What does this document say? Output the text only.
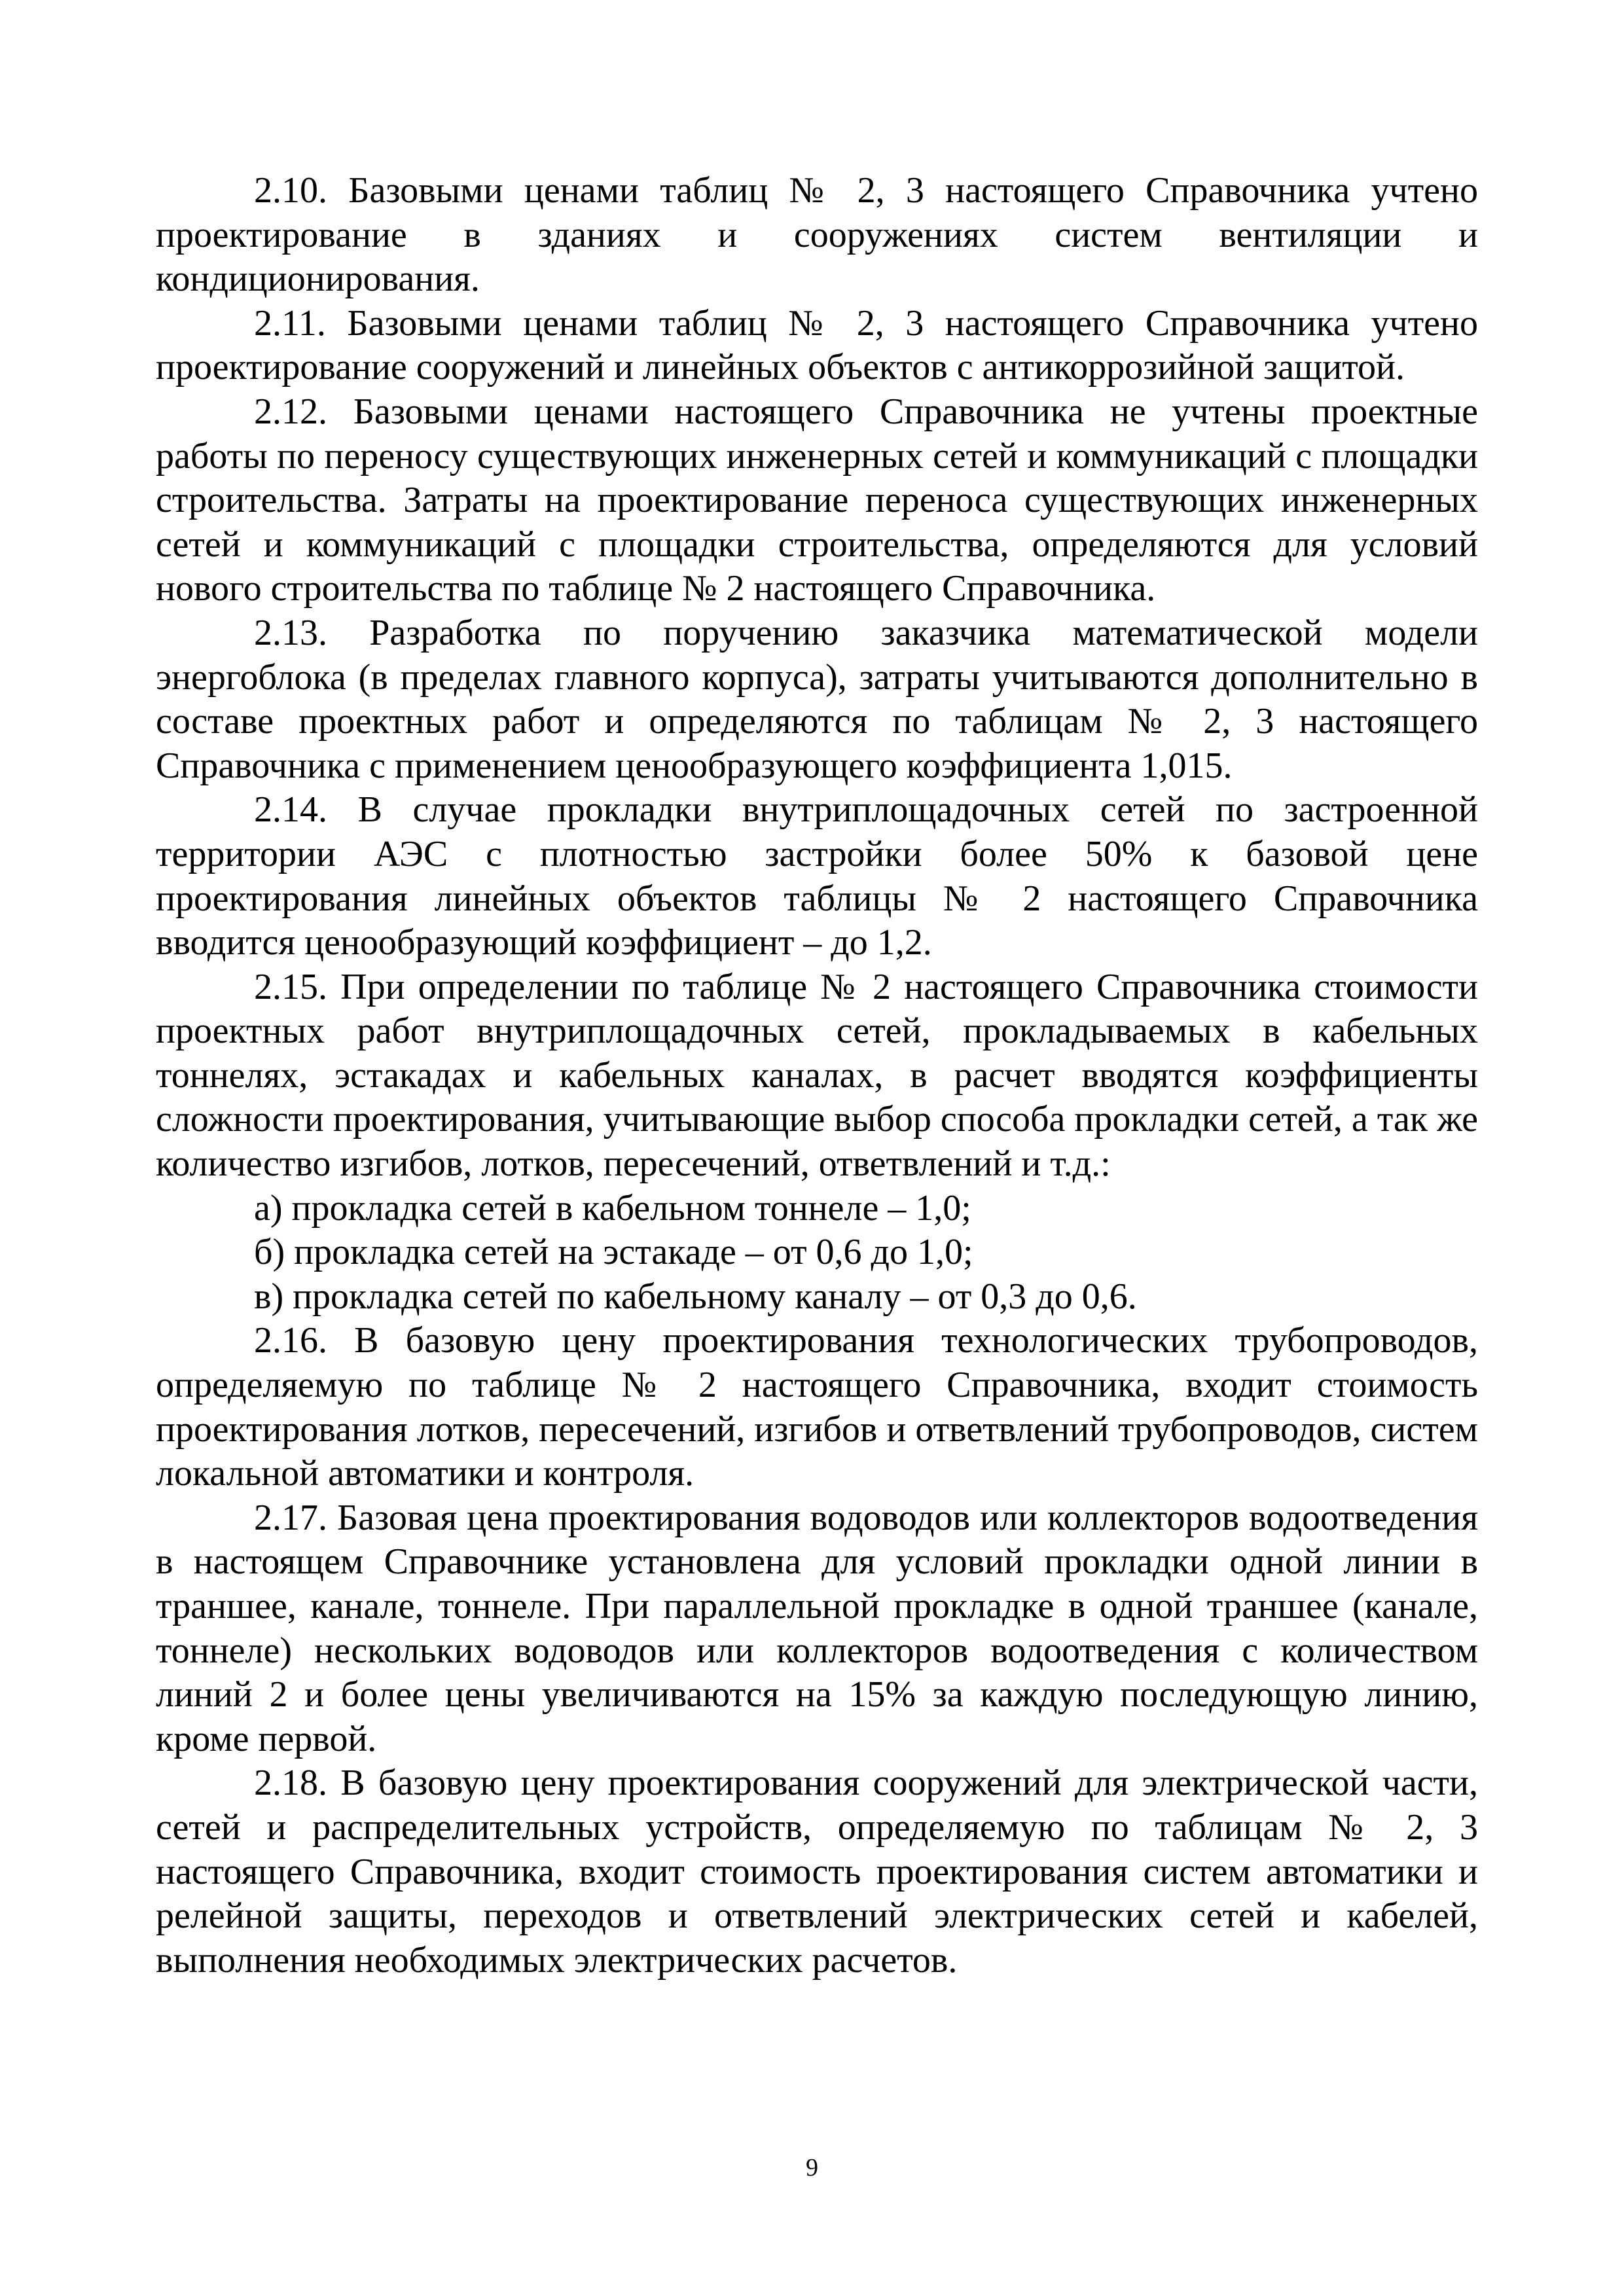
2.10. Базовыми ценами таблиц № 2, 3 настоящего Справочника учтено проектирование в зданиях и сооружениях систем вентиляции и кондиционирования.

2.11. Базовыми ценами таблиц № 2, 3 настоящего Справочника учтено проектирование сооружений и линейных объектов с антикоррозийной защитой.

2.12. Базовыми ценами настоящего Справочника не учтены проектные работы по переносу существующих инженерных сетей и коммуникаций с площадки строительства. Затраты на проектирование переноса существующих инженерных сетей и коммуникаций с площадки строительства, определяются для условий нового строительства по таблице № 2 настоящего Справочника.

2.13. Разработка по поручению заказчика математической модели энергоблока (в пределах главного корпуса), затраты учитываются дополнительно в составе проектных работ и определяются по таблицам № 2, 3 настоящего Справочника с применением ценообразующего коэффициента 1,015.

2.14. В случае прокладки внутриплощадочных сетей по застроенной территории АЭС с плотностью застройки более 50% к базовой цене проектирования линейных объектов таблицы № 2 настоящего Справочника вводится ценообразующий коэффициент – до 1,2.

2.15. При определении по таблице № 2 настоящего Справочника стоимости проектных работ внутриплощадочных сетей, прокладываемых в кабельных тоннелях, эстакадах и кабельных каналах, в расчет вводятся коэффициенты сложности проектирования, учитывающие выбор способа прокладки сетей, а так же количество изгибов, лотков, пересечений, ответвлений и т.д.:

а) прокладка сетей в кабельном тоннеле – 1,0;

б) прокладка сетей на эстакаде – от 0,6 до 1,0;

в) прокладка сетей по кабельному каналу – от 0,3 до 0,6.

2.16. В базовую цену проектирования технологических трубопроводов, определяемую по таблице № 2 настоящего Справочника, входит стоимость проектирования лотков, пересечений, изгибов и ответвлений трубопроводов, систем локальной автоматики и контроля.

2.17. Базовая цена проектирования водоводов или коллекторов водоотведения в настоящем Справочнике установлена для условий прокладки одной линии в траншее, канале, тоннеле. При параллельной прокладке в одной траншее (канале, тоннеле) нескольких водоводов или коллекторов водоотведения с количеством линий 2 и более цены увеличиваются на 15% за каждую последующую линию, кроме первой.

2.18. В базовую цену проектирования сооружений для электрической части, сетей и распределительных устройств, определяемую по таблицам № 2, 3 настоящего Справочника, входит стоимость проектирования систем автоматики и релейной защиты, переходов и ответвлений электрических сетей и кабелей, выполнения необходимых электрических расчетов.

9
